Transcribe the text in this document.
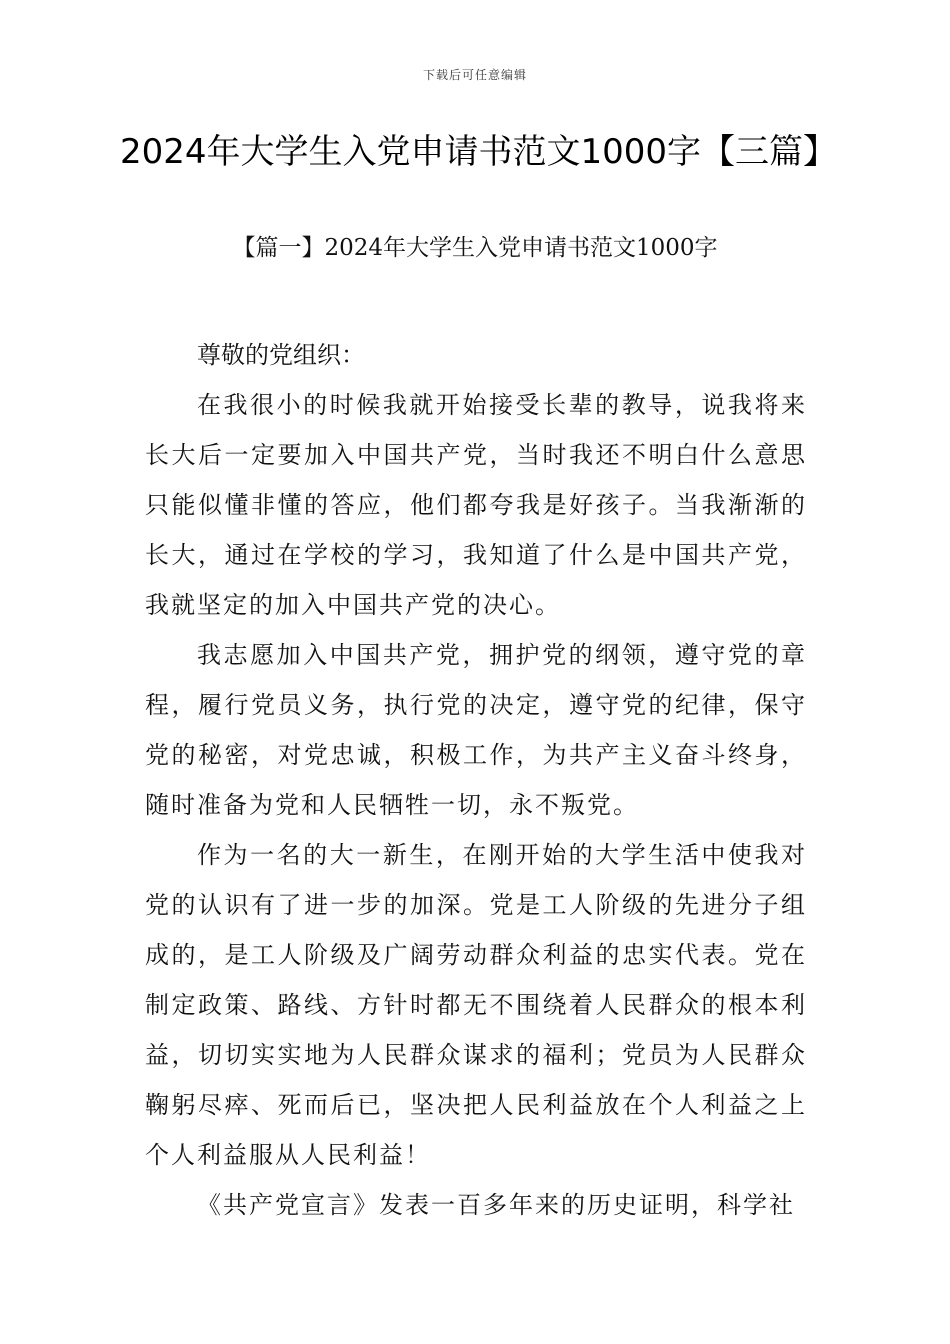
下载后可任意编辑
2024年大学生入党申请书范文1000字【三篇】
【篇一】2024年大学生入党申请书范文1000字

尊敬的党组织：

在我很小的时候我就开始接受长辈的教导，说我将来长大后一定要加入中国共产党，当时我还不明白什么意思只能似懂非懂的答应，他们都夸我是好孩子。当我渐渐的长大，通过在学校的学习，我知道了什么是中国共产党，我就坚定的加入中国共产党的决心。

我志愿加入中国共产党，拥护党的纲领，遵守党的章程，履行党员义务，执行党的决定，遵守党的纪律，保守党的秘密，对党忠诚，积极工作，为共产主义奋斗终身，随时准备为党和人民牺牲一切，永不叛党。

作为一名的大一新生，在刚开始的大学生活中使我对党的认识有了进一步的加深。党是工人阶级的先进分子组成的，是工人阶级及广阔劳动群众利益的忠实代表。党在制定政策、路线、方针时都无不围绕着人民群众的根本利益，切切实实地为人民群众谋求的福利；党员为人民群众鞠躬尽瘁、死而后已，坚决把人民利益放在个人利益之上个人利益服从人民利益！

《共产党宣言》发表一百多年来的历史证明，科学社
